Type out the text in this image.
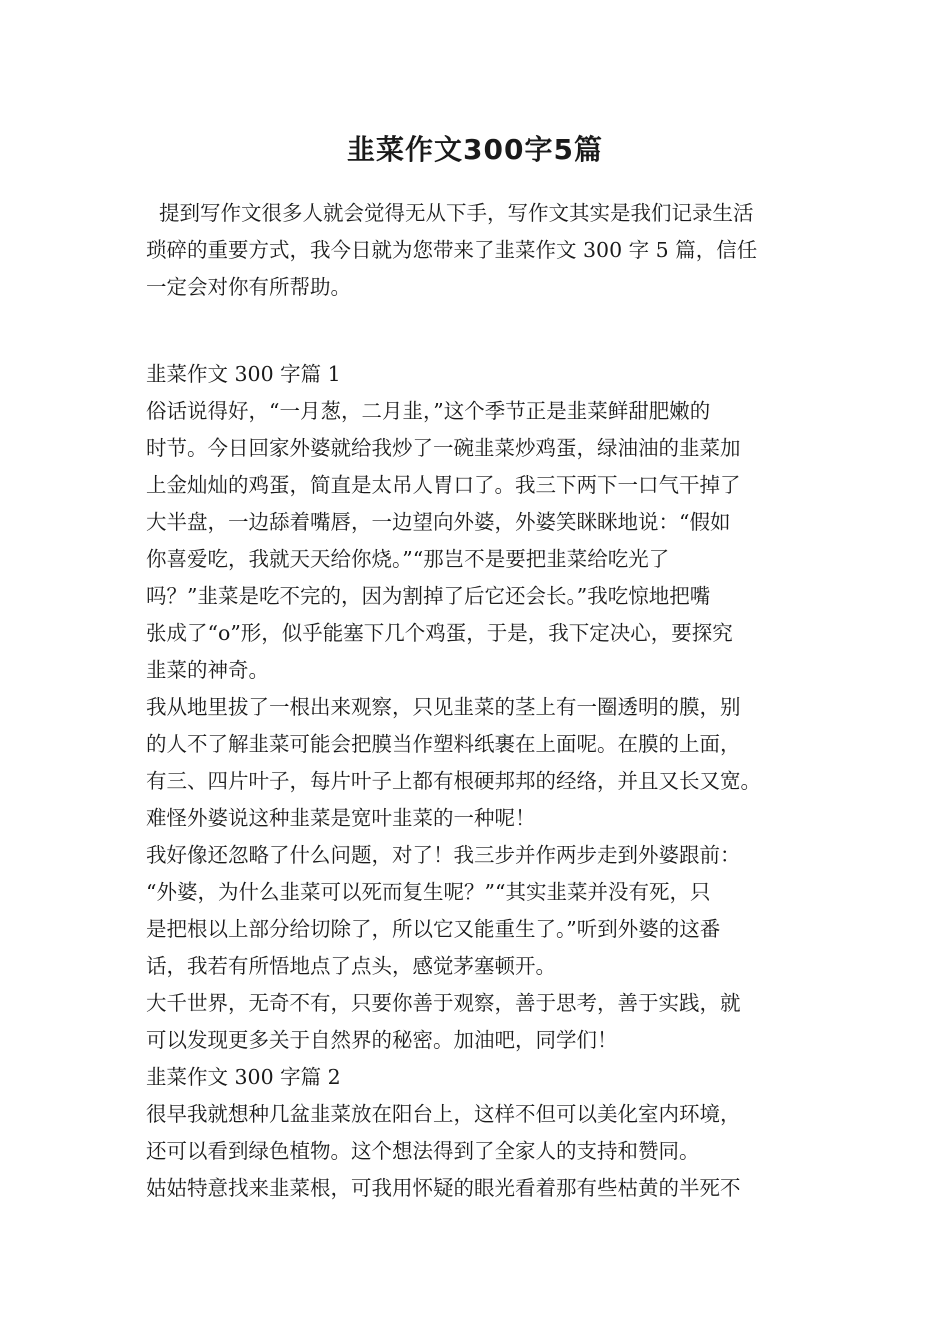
韭菜作文300字5篇
提到写作文很多人就会觉得无从下手，写作文其实是我们记录生活
琐碎的重要方式，我今日就为您带来了韭菜作文 300 字 5 篇，信任
一定会对你有所帮助。
韭菜作文 300 字篇 1
俗话说得好，“一月葱，二月韭，”这个季节正是韭菜鲜甜肥嫩的
时节。今日回家外婆就给我炒了一碗韭菜炒鸡蛋，绿油油的韭菜加
上金灿灿的鸡蛋，简直是太吊人胃口了。我三下两下一口气干掉了
大半盘，一边舔着嘴唇，一边望向外婆，外婆笑眯眯地说：“假如
你喜爱吃，我就天天给你烧。”“那岂不是要把韭菜给吃光了
吗？”韭菜是吃不完的，因为割掉了后它还会长。”我吃惊地把嘴
张成了“o”形，似乎能塞下几个鸡蛋，于是，我下定决心，要探究
韭菜的神奇。
我从地里拔了一根出来观察，只见韭菜的茎上有一圈透明的膜，别
的人不了解韭菜可能会把膜当作塑料纸裹在上面呢。在膜的上面，
有三、四片叶子，每片叶子上都有根硬邦邦的经络，并且又长又宽。
难怪外婆说这种韭菜是宽叶韭菜的一种呢！
我好像还忽略了什么问题，对了！我三步并作两步走到外婆跟前：
“外婆，为什么韭菜可以死而复生呢？”“其实韭菜并没有死，只
是把根以上部分给切除了，所以它又能重生了。”听到外婆的这番
话，我若有所悟地点了点头，感觉茅塞顿开。
大千世界，无奇不有，只要你善于观察，善于思考，善于实践，就
可以发现更多关于自然界的秘密。加油吧，同学们！
韭菜作文 300 字篇 2
很早我就想种几盆韭菜放在阳台上，这样不但可以美化室内环境，
还可以看到绿色植物。这个想法得到了全家人的支持和赞同。
姑姑特意找来韭菜根，可我用怀疑的眼光看着那有些枯黄的半死不
